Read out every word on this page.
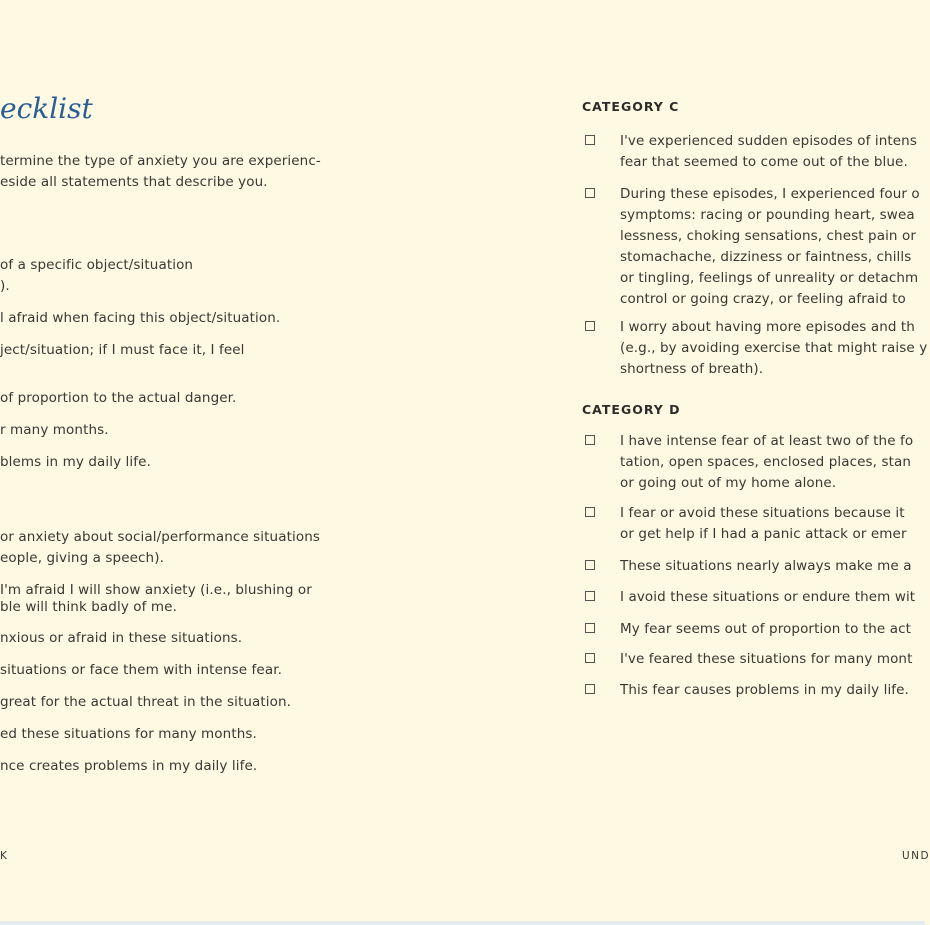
ecklist
termine the type of anxiety you are experienc-
eside all statements that describe you.
of a specific object/situation
).
l afraid when facing this object/situation.
ject/situation; if I must face it, I feel
of proportion to the actual danger.
r many months.
blems in my daily life.
or anxiety about social/performance situations
eople, giving a speech).
I'm afraid I will show anxiety (i.e., blushing or
ble will think badly of me.
nxious or afraid in these situations.
situations or face them with intense fear.
great for the actual threat in the situation.
ed these situations for many months.
nce creates problems in my daily life.
K
CATEGORY C
I've experienced sudden episodes of intens
fear that seemed to come out of the blue.
During these episodes, I experienced four o
symptoms: racing or pounding heart, swea
lessness, choking sensations, chest pain or
stomachache, dizziness or faintness, chills
or tingling, feelings of unreality or detachm
control or going crazy, or feeling afraid to
I worry about having more episodes and th
(e.g., by avoiding exercise that might raise y
shortness of breath).
CATEGORY D
I have intense fear of at least two of the fo
tation, open spaces, enclosed places, stan
or going out of my home alone.
I fear or avoid these situations because it
or get help if I had a panic attack or emer
These situations nearly always make me a
I avoid these situations or endure them wit
My fear seems out of proportion to the act
I've feared these situations for many mont
This fear causes problems in my daily life.
UND
